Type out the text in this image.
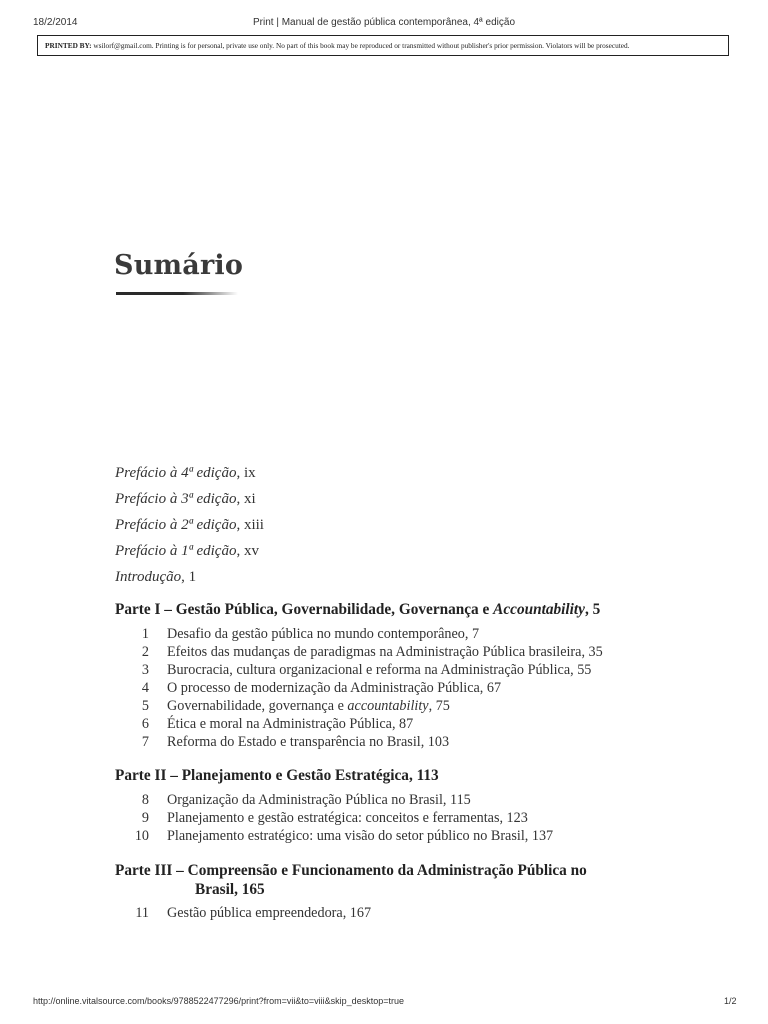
18/2/2014	Print | Manual de gestão pública contemporânea, 4ª edição
PRINTED BY: wsilorf@gmail.com. Printing is for personal, private use only. No part of this book may be reproduced or transmitted without publisher's prior permission. Violators will be prosecuted.
Sumário
Prefácio à 4ª edição, ix
Prefácio à 3ª edição, xi
Prefácio à 2ª edição, xiii
Prefácio à 1ª edição, xv
Introdução, 1
Parte I – Gestão Pública, Governabilidade, Governança e Accountability, 5
1 Desafio da gestão pública no mundo contemporâneo, 7
2 Efeitos das mudanças de paradigmas na Administração Pública brasileira, 35
3 Burocracia, cultura organizacional e reforma na Administração Pública, 55
4 O processo de modernização da Administração Pública, 67
5 Governabilidade, governança e accountability, 75
6 Ética e moral na Administração Pública, 87
7 Reforma do Estado e transparência no Brasil, 103
Parte II – Planejamento e Gestão Estratégica, 113
8 Organização da Administração Pública no Brasil, 115
9 Planejamento e gestão estratégica: conceitos e ferramentas, 123
10 Planejamento estratégico: uma visão do setor público no Brasil, 137
Parte III – Compreensão e Funcionamento da Administração Pública no
Brasil, 165
11 Gestão pública empreendedora, 167
http://online.vitalsource.com/books/9788522477296/print?from=vii&to=viii&skip_desktop=true	1/2
